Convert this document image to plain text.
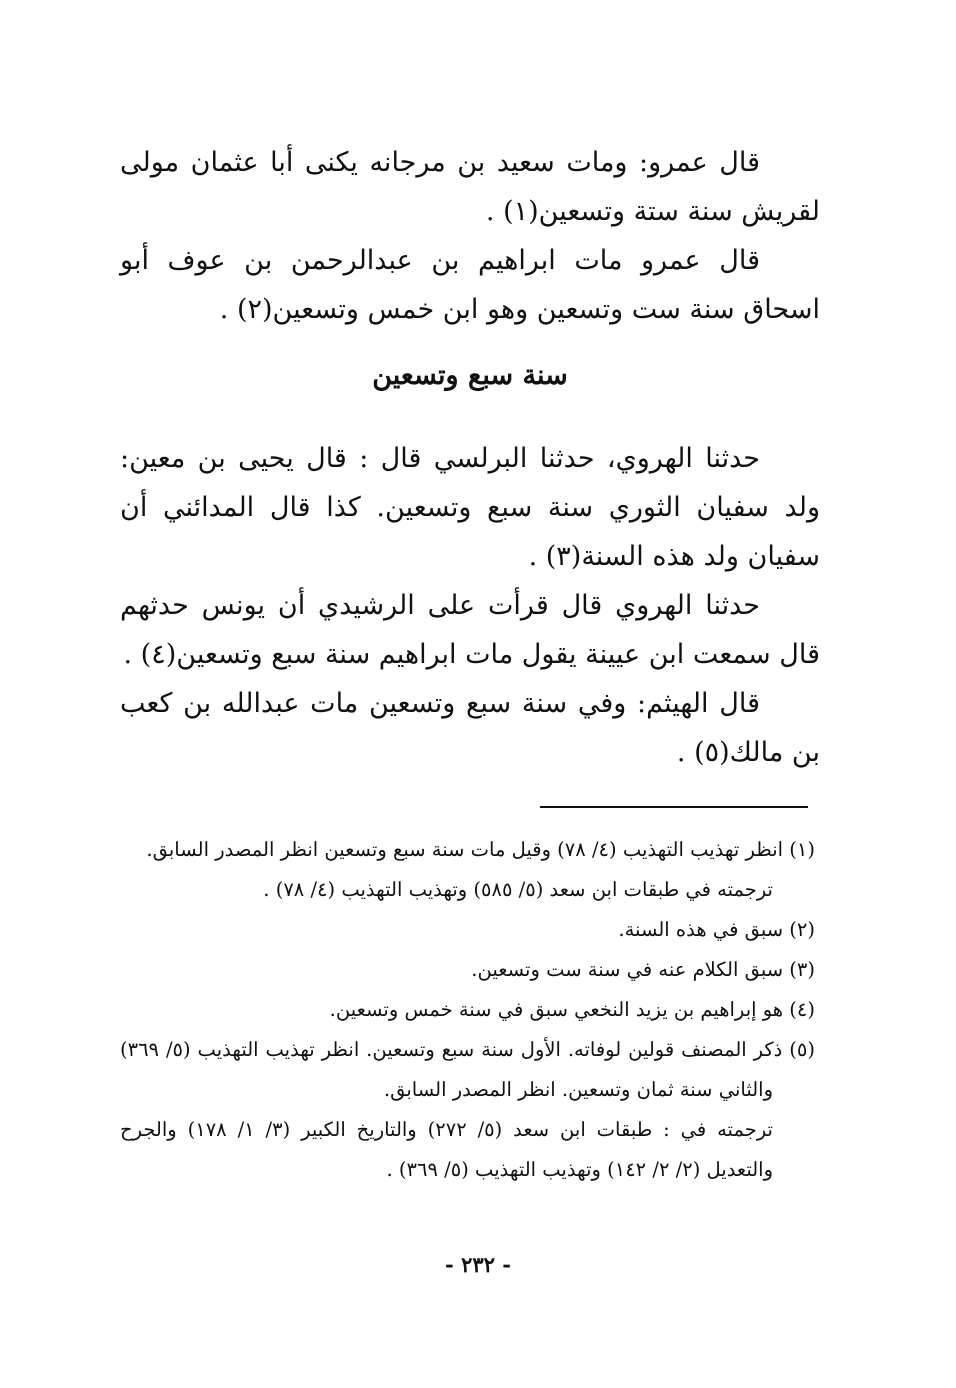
قال عمرو: ومات سعيد بن مرجانه يكنى أبا عثمان مولى لقريش سنة ستة وتسعين(١) .

قال عمرو مات ابراهيم بن عبدالرحمن بن عوف أبو اسحاق سنة ست وتسعين وهو ابن خمس وتسعين(٢) .

سنة سبع وتسعين

حدثنا الهروي، حدثنا البرلسي قال : قال يحيى بن معين: ولد سفيان الثوري سنة سبع وتسعين. كذا قال المدائني أن سفيان ولد هذه السنة(٣) .

حدثنا الهروي قال قرأت على الرشيدي أن يونس حدثهم قال سمعت ابن عيينة يقول مات ابراهيم سنة سبع وتسعين(٤) .

قال الهيثم: وفي سنة سبع وتسعين مات عبدالله بن كعب بن مالك(٥) .

(١) انظر تهذيب التهذيب (٤/ ٧٨) وقيل مات سنة سبع وتسعين انظر المصدر السابق.

ترجمته في طبقات ابن سعد (٥/ ٥٨٥) وتهذيب التهذيب (٤/ ٧٨) .

(٢) سبق في هذه السنة.

(٣) سبق الكلام عنه في سنة ست وتسعين.

(٤) هو إبراهيم بن يزيد النخعي سبق في سنة خمس وتسعين.

(٥) ذكر المصنف قولين لوفاته. الأول سنة سبع وتسعين. انظر تهذيب التهذيب (٥/ ٣٦٩) والثاني سنة ثمان وتسعين. انظر المصدر السابق.

ترجمته في : طبقات ابن سعد (٥/ ٢٧٢) والتاريخ الكبير (٣/ ١/ ١٧٨) والجرح والتعديل (٢/ ٢/ ١٤٢) وتهذيب التهذيب (٥/ ٣٦٩) .

- ٢٣٢ -
